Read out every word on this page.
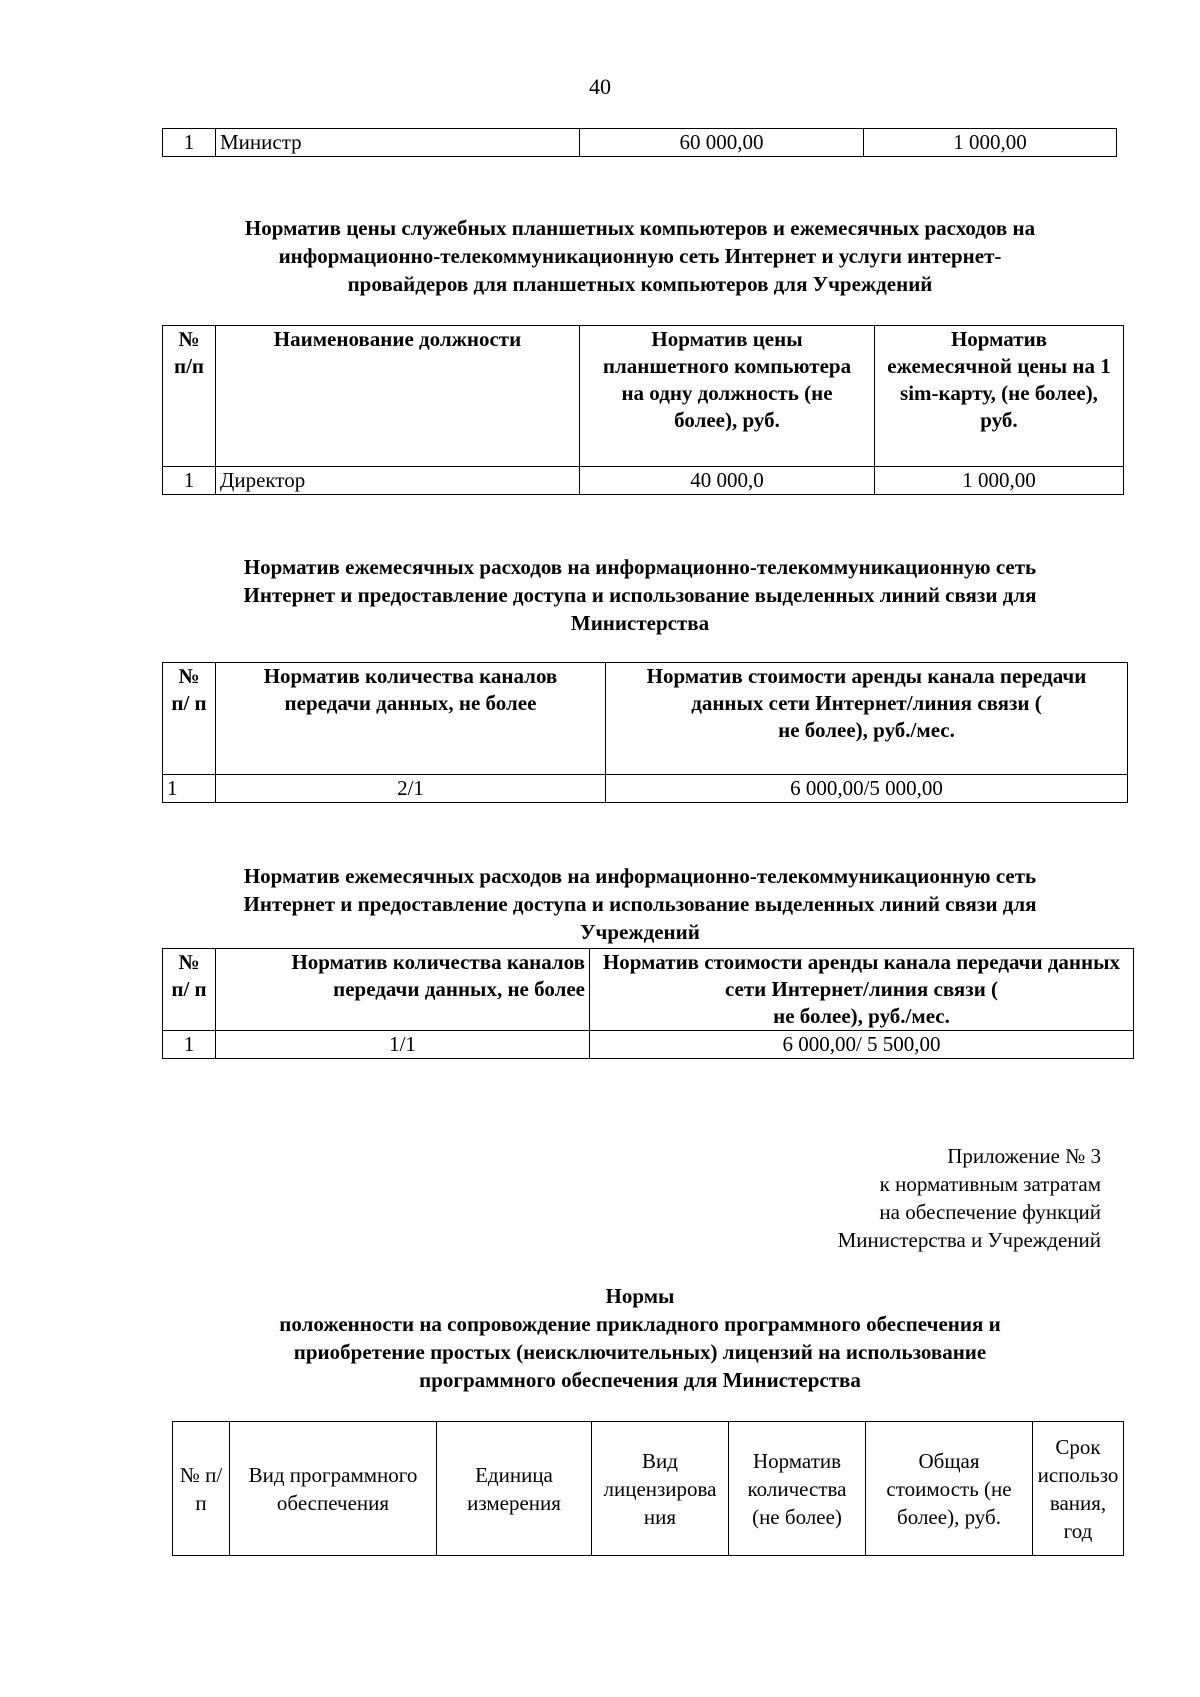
40
1	Министр	60 000,00	1 000,00
Норматив цены служебных планшетных компьютеров и ежемесячных расходов на
информационно-телекоммуникационную сеть Интернет и услуги интернет-
провайдеров для планшетных компьютеров для Учреждений
№ п/п	Наименование должности	Норматив цены планшетного компьютера на одну должность (не более), руб.	Норматив ежемесячной цены на 1 sim-карту, (не более), руб.
1	Директор	40 000,0	1 000,00
Норматив ежемесячных расходов на информационно-телекоммуникационную сеть
Интернет и предоставление доступа и использование выделенных линий связи для
Министерства
№ п/ п	Норматив количества каналов передачи данных, не более	Норматив стоимости аренды канала передачи данных сети Интернет/линия связи (
не более), руб./мес.

1	2/1	6 000,00/5 000,00
Норматив ежемесячных расходов на информационно-телекоммуникационную сеть
Интернет и предоставление доступа и использование выделенных линий связи для
Учреждений
№ п/ п	Норматив количества каналов передачи данных, не более	Норматив стоимости аренды канала передачи данных сети Интернет/линия связи (
не более), руб./мес.

1	1/1	6 000,00/ 5 500,00
Приложение № 3
к нормативным затратам
на обеспечение функций
Министерства и Учреждений
Нормы
положенности на сопровождение прикладного программного обеспечения и
приобретение простых (неисключительных) лицензий на использование
программного обеспечения для Министерства
№ п/п	Вид программного обеспечения	Единица измерения	Вид лицензирова ния	Норматив количества (не более)	Общая стоимость (не более), руб.	Срок использо вания, год
